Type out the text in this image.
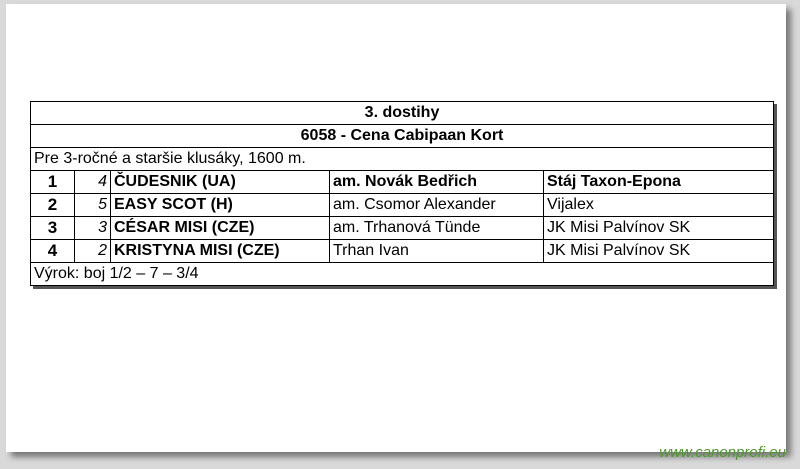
3. dostihy				
6058 - Cena Cabipaan Kort				
Pre 3-ročné a staršie klusáky, 1600 m.				
1	4	ČUDESNIK (UA)	am. Novák Bedřich	Stáj Taxon-Epona
2	5	EASY SCOT (H)	am. Csomor Alexander	Vijalex
3	3	CÉSAR MISI (CZE)	am. Trhanová Tünde	JK Misi Palvínov SK
4	2	KRISTYNA MISI (CZE)	Trhan Ivan	JK Misi Palvínov SK
Výrok: boj 1/2 – 7 – 3/4				
www.canonprofi.eu
